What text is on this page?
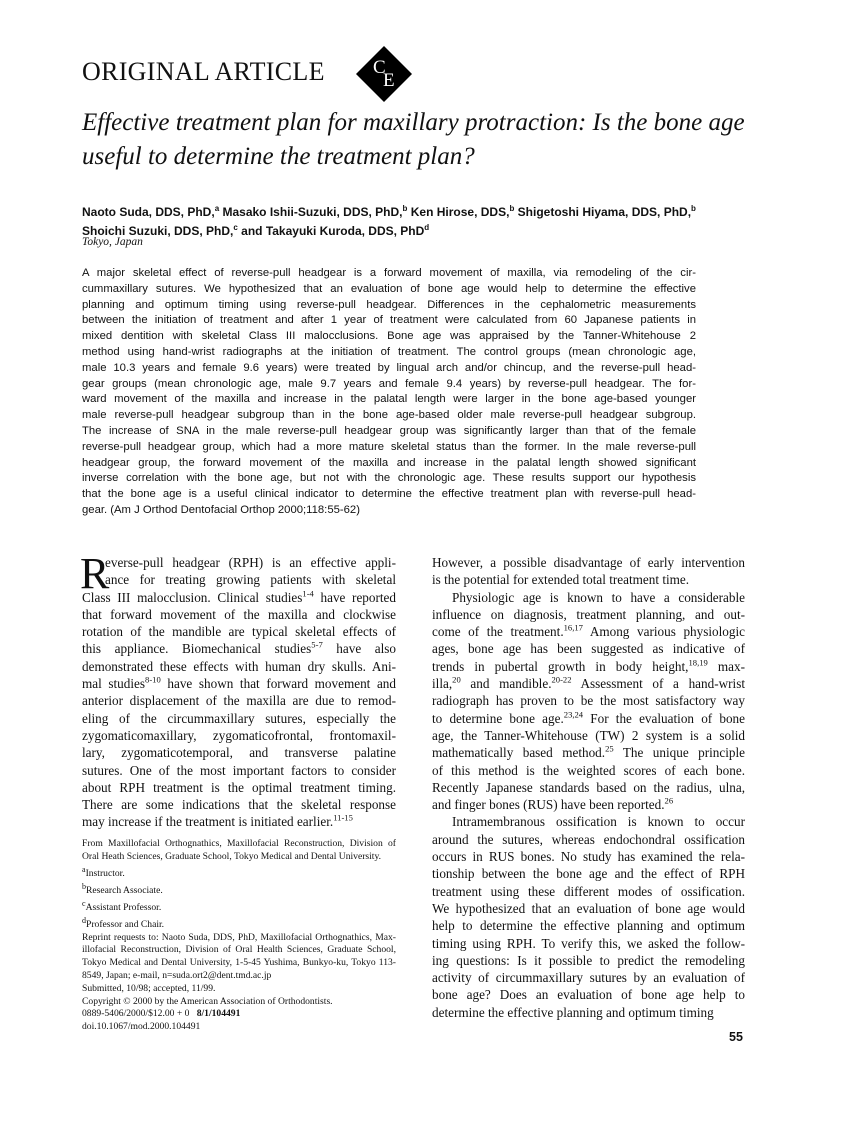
ORIGINAL ARTICLE	C
E
Effective treatment plan for maxillary protraction: Is the bone age useful to determine the treatment plan?
Naoto Suda, DDS, PhD,$^a$ Masako Ishii-Suzuki, DDS, PhD,$^b$ Ken Hirose, DDS,$^b$ Shigetoshi Hiyama, DDS, PhD,$^b$
Shoichi Suzuki, DDS, PhD,$^c$ and Takayuki Kuroda, DDS, PhD$^d$
Tokyo, Japan
A major skeletal effect of reverse-pull headgear is a forward movement of maxilla, via remodeling of the cir-
cummaxillary sutures. We hypothesized that an evaluation of bone age would help to determine the effective
planning and optimum timing using reverse-pull headgear. Differences in the cephalometric measurements
between the initiation of treatment and after 1 year of treatment were calculated from 60 Japanese patients in
mixed dentition with skeletal Class III malocclusions. Bone age was appraised by the Tanner-Whitehouse 2
method using hand-wrist radiographs at the initiation of treatment. The control groups (mean chronologic age,
male 10.3 years and female 9.6 years) were treated by lingual arch and/or chincup, and the reverse-pull head-
gear groups (mean chronologic age, male 9.7 years and female 9.4 years) by reverse-pull headgear. The for-
ward movement of the maxilla and increase in the palatal length were larger in the bone age-based younger
male reverse-pull headgear subgroup than in the bone age-based older male reverse-pull headgear subgroup.
The increase of SNA in the male reverse-pull headgear group was significantly larger than that of the female
reverse-pull headgear group, which had a more mature skeletal status than the former. In the male reverse-pull
headgear group, the forward movement of the maxilla and increase in the palatal length showed significant
inverse correlation with the bone age, but not with the chronologic age. These results support our hypothesis
that the bone age is a useful clinical indicator to determine the effective treatment plan with reverse-pull head-
gear. (Am J Orthod Dentofacial Orthop 2000;118:55-62)
R
everse-pull headgear (RPH) is an effective appli-
ance for treating growing patients with skeletal
Class III malocclusion. Clinical studies$^{1-4}$ have reported
that forward movement of the maxilla and clockwise
rotation of the mandible are typical skeletal effects of
this appliance. Biomechanical studies$^{5-7}$ have also
demonstrated these effects with human dry skulls. Ani-
mal studies$^{8-10}$ have shown that forward movement and
anterior displacement of the maxilla are due to remod-
eling of the circummaxillary sutures, especially the
zygomaticomaxillary, zygomaticofrontal, frontomaxil-
lary, zygomaticotemporal, and transverse palatine
sutures. One of the most important factors to consider
about RPH treatment is the optimal treatment timing.
There are some indications that the skeletal response
may increase if the treatment is initiated earlier.$^{11-15}$
However, a possible disadvantage of early intervention
is the potential for extended total treatment time.
Physiologic age is known to have a considerable
influence on diagnosis, treatment planning, and out-
come of the treatment.$^{16,17}$ Among various physiologic
ages, bone age has been suggested as indicative of
trends in pubertal growth in body height,$^{18,19}$ max-
illa,$^{20}$ and mandible.$^{20-22}$ Assessment of a hand-wrist
radiograph has proven to be the most satisfactory way
to determine bone age.$^{23,24}$ For the evaluation of bone
age, the Tanner-Whitehouse (TW) 2 system is a solid
mathematically based method.$^{25}$ The unique principle
of this method is the weighted scores of each bone.
Recently Japanese standards based on the radius, ulna,
and finger bones (RUS) have been reported.$^{26}$
Intramembranous ossification is known to occur
around the sutures, whereas endochondral ossification
occurs in RUS bones. No study has examined the rela-
tionship between the bone age and the effect of RPH
treatment using these different modes of ossification.
We hypothesized that an evaluation of bone age would
help to determine the effective planning and optimum
timing using RPH. To verify this, we asked the follow-
ing questions: Is it possible to predict the remodeling
activity of circummaxillary sutures by an evaluation of
bone age? Does an evaluation of bone age help to
determine the effective planning and optimum timing
From Maxillofacial Orthognathics, Maxillofacial Reconstruction, Division of
Oral Heath Sciences, Graduate School, Tokyo Medical and Dental University.
$^a$Instructor.
$^b$Research Associate.
$^c$Assistant Professor.
$^d$Professor and Chair.
Reprint requests to: Naoto Suda, DDS, PhD, Maxillofacial Orthognathics, Max-
illofacial Reconstruction, Division of Oral Health Sciences, Graduate School,
Tokyo Medical and Dental University, 1-5-45 Yushima, Bunkyo-ku, Tokyo 113-
8549, Japan; e-mail, n=suda.ort2@dent.tmd.ac.jp
Submitted, 10/98; accepted, 11/99.
Copyright © 2000 by the American Association of Orthodontists.
0889-5406/2000/$12.00 + 0 8/1/104491
doi.10.1067/mod.2000.104491
55
